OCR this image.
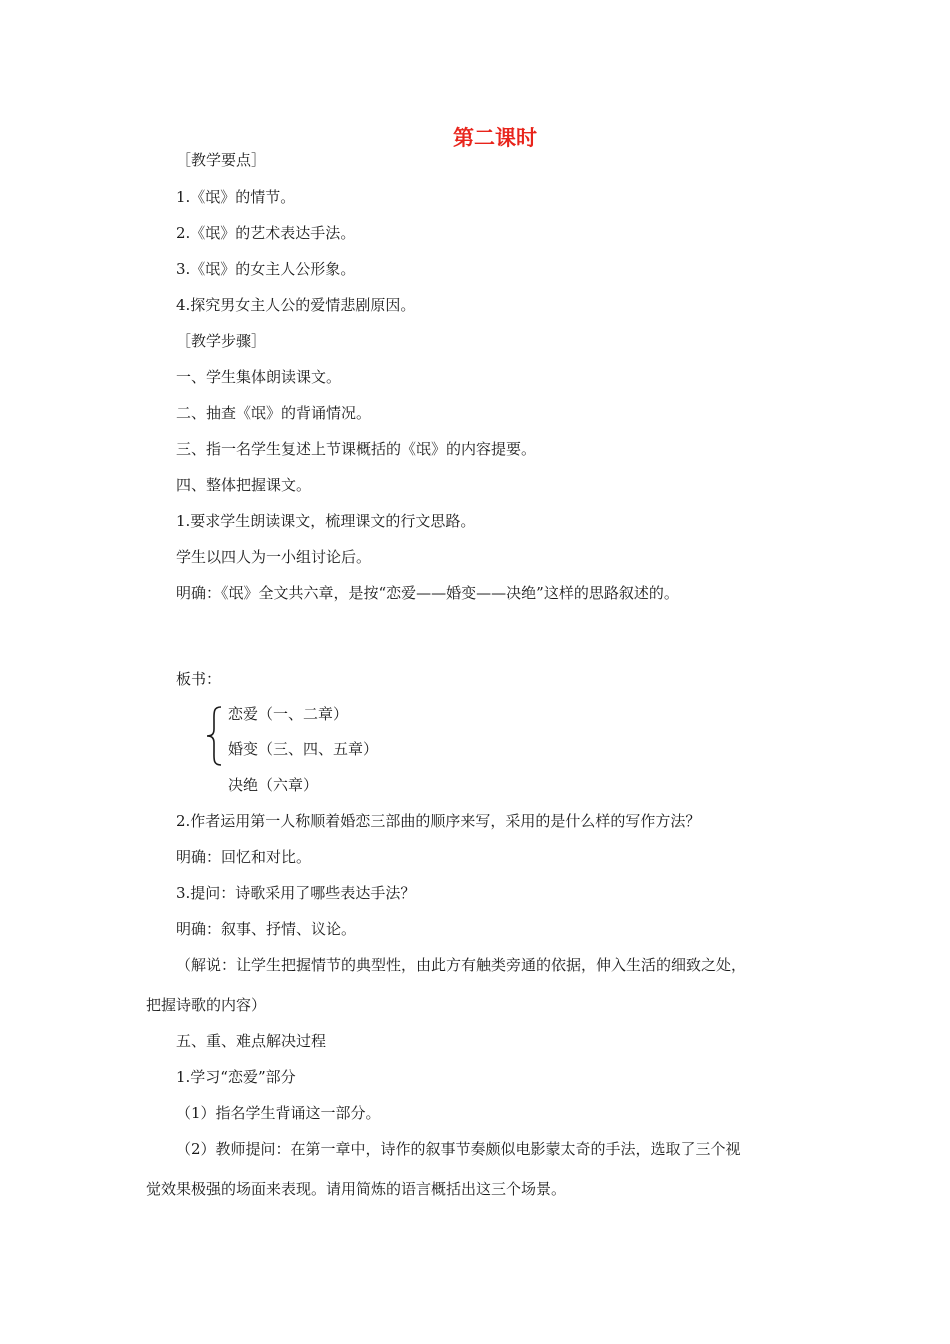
第二课时
［教学要点］
1.《氓》的情节。
2.《氓》的艺术表达手法。
3.《氓》的女主人公形象。
4.探究男女主人公的爱情悲剧原因。
［教学步骤］
一、学生集体朗读课文。
二、抽查《氓》的背诵情况。
三、指一名学生复述上节课概括的《氓》的内容提要。
四、整体把握课文。
1.要求学生朗读课文，梳理课文的行文思路。
学生以四人为一小组讨论后。
明确：《氓》全文共六章，是按“恋爱——婚变——决绝”这样的思路叙述的。
板书：
恋爱（一、二章）
婚变（三、四、五章）
决绝（六章）
2.作者运用第一人称顺着婚恋三部曲的顺序来写，采用的是什么样的写作方法？
明确：回忆和对比。
3.提问：诗歌采用了哪些表达手法？
明确：叙事、抒情、议论。
（解说：让学生把握情节的典型性，由此方有触类旁通的依据，伸入生活的细致之处，
把握诗歌的内容）
五、重、难点解决过程
1.学习“恋爱”部分
（1）指名学生背诵这一部分。
（2）教师提问：在第一章中，诗作的叙事节奏颇似电影蒙太奇的手法，选取了三个视
觉效果极强的场面来表现。请用简炼的语言概括出这三个场景。
